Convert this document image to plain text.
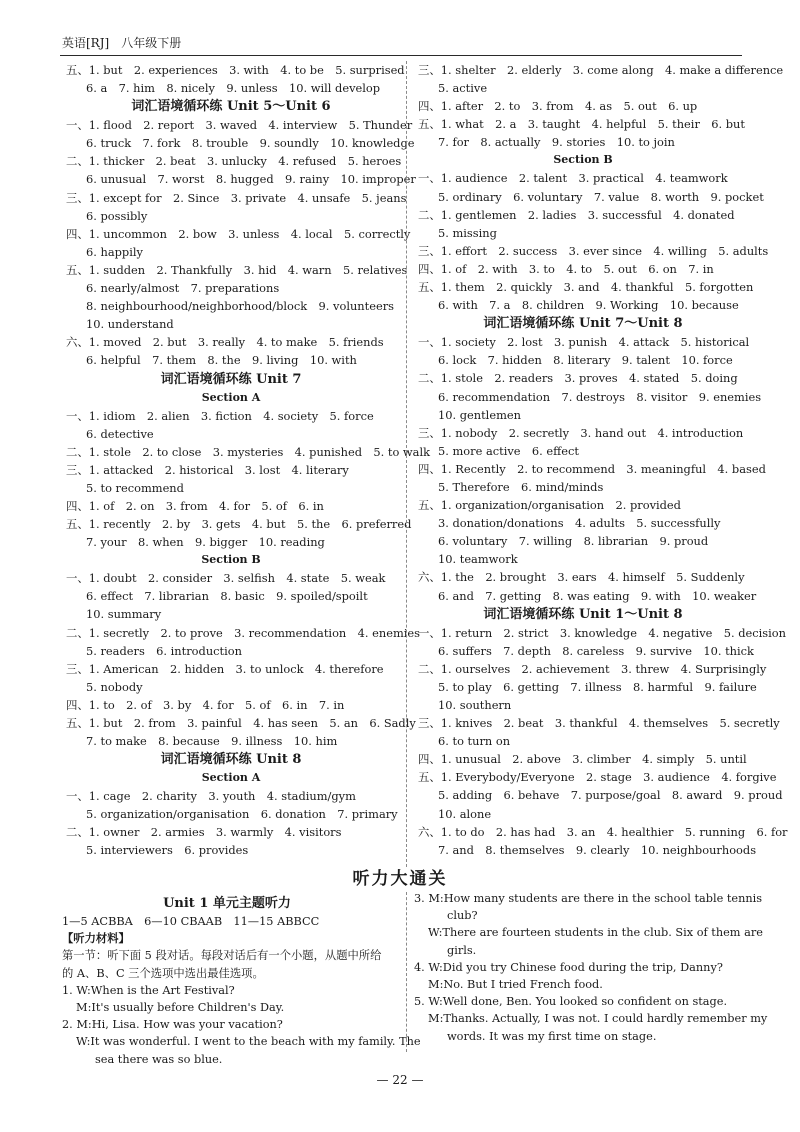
英语[RJ]　八年级下册
五、1. but　2. experiences　3. with　4. to be　5. surprised
6. a　7. him　8. nicely　9. unless　10. will develop
词汇语境循环练 Unit 5～Unit 6
一、1. flood　2. report　3. waved　4. interview　5. Thunder
6. truck　7. fork　8. trouble　9. soundly　10. knowledge
二、1. thicker　2. beat　3. unlucky　4. refused　5. heroes
6. unusual　7. worst　8. hugged　9. rainy　10. improper
三、1. except for　2. Since　3. private　4. unsafe　5. jeans
6. possibly
四、1. uncommon　2. bow　3. unless　4. local　5. correctly
6. happily
五、1. sudden　2. Thankfully　3. hid　4. warn　5. relatives
6. nearly/almost　7. preparations
8. neighbourhood/neighborhood/block　9. volunteers
10. understand
六、1. moved　2. but　3. really　4. to make　5. friends
6. helpful　7. them　8. the　9. living　10. with
词汇语境循环练 Unit 7
Section A
一、1. idiom　2. alien　3. fiction　4. society　5. force
6. detective
二、1. stole　2. to close　3. mysteries　4. punished　5. to walk
三、1. attacked　2. historical　3. lost　4. literary
5. to recommend
四、1. of　2. on　3. from　4. for　5. of　6. in
五、1. recently　2. by　3. gets　4. but　5. the　6. preferred
7. your　8. when　9. bigger　10. reading
Section B
一、1. doubt　2. consider　3. selfish　4. state　5. weak
6. effect　7. librarian　8. basic　9. spoiled/spoilt
10. summary
二、1. secretly　2. to prove　3. recommendation　4. enemies
5. readers　6. introduction
三、1. American　2. hidden　3. to unlock　4. therefore
5. nobody
四、1. to　2. of　3. by　4. for　5. of　6. in　7. in
五、1. but　2. from　3. painful　4. has seen　5. an　6. Sadly
7. to make　8. because　9. illness　10. him
词汇语境循环练 Unit 8
Section A
一、1. cage　2. charity　3. youth　4. stadium/gym
5. organization/organisation　6. donation　7. primary
二、1. owner　2. armies　3. warmly　4. visitors
5. interviewers　6. provides
三、1. shelter　2. elderly　3. come along　4. make a difference
5. active
四、1. after　2. to　3. from　4. as　5. out　6. up
五、1. what　2. a　3. taught　4. helpful　5. their　6. but
7. for　8. actually　9. stories　10. to join
Section B
一、1. audience　2. talent　3. practical　4. teamwork
5. ordinary　6. voluntary　7. value　8. worth　9. pocket
二、1. gentlemen　2. ladies　3. successful　4. donated
5. missing
三、1. effort　2. success　3. ever since　4. willing　5. adults
四、1. of　2. with　3. to　4. to　5. out　6. on　7. in
五、1. them　2. quickly　3. and　4. thankful　5. forgotten
6. with　7. a　8. children　9. Working　10. because
词汇语境循环练 Unit 7～Unit 8
一、1. society　2. lost　3. punish　4. attack　5. historical
6. lock　7. hidden　8. literary　9. talent　10. force
二、1. stole　2. readers　3. proves　4. stated　5. doing
6. recommendation　7. destroys　8. visitor　9. enemies
10. gentlemen
三、1. nobody　2. secretly　3. hand out　4. introduction
5. more active　6. effect
四、1. Recently　2. to recommend　3. meaningful　4. based
5. Therefore　6. mind/minds
五、1. organization/organisation　2. provided
3. donation/donations　4. adults　5. successfully
6. voluntary　7. willing　8. librarian　9. proud
10. teamwork
六、1. the　2. brought　3. ears　4. himself　5. Suddenly
6. and　7. getting　8. was eating　9. with　10. weaker
词汇语境循环练 Unit 1～Unit 8
一、1. return　2. strict　3. knowledge　4. negative　5. decision
6. suffers　7. depth　8. careless　9. survive　10. thick
二、1. ourselves　2. achievement　3. threw　4. Surprisingly
5. to play　6. getting　7. illness　8. harmful　9. failure
10. southern
三、1. knives　2. beat　3. thankful　4. themselves　5. secretly
6. to turn on
四、1. unusual　2. above　3. climber　4. simply　5. until
五、1. Everybody/Everyone　2. stage　3. audience　4. forgive
5. adding　6. behave　7. purpose/goal　8. award　9. proud
10. alone
六、1. to do　2. has had　3. an　4. healthier　5. running　6. for
7. and　8. themselves　9. clearly　10. neighbourhoods
听力大通关
Unit 1 单元主题听力
1—5 ACBBA　6—10 CBAAB　11—15 ABBCC
【听力材料】
第一节：听下面 5 段对话。每段对话后有一个小题，从题中所给
的 A、B、C 三个选项中选出最佳选项。
1. W:When is the Art Festival?
M:It's usually before Children's Day.
2. M:Hi, Lisa. How was your vacation?
W:It was wonderful. I went to the beach with my family. The
sea there was so blue.
3. M:How many students are there in the school table tennis
club?
W:There are fourteen students in the club. Six of them are
girls.
4. W:Did you try Chinese food during the trip, Danny?
M:No. But I tried French food.
5. W:Well done, Ben. You looked so confident on stage.
M:Thanks. Actually, I was not. I could hardly remember my
words. It was my first time on stage.
— 22 —
